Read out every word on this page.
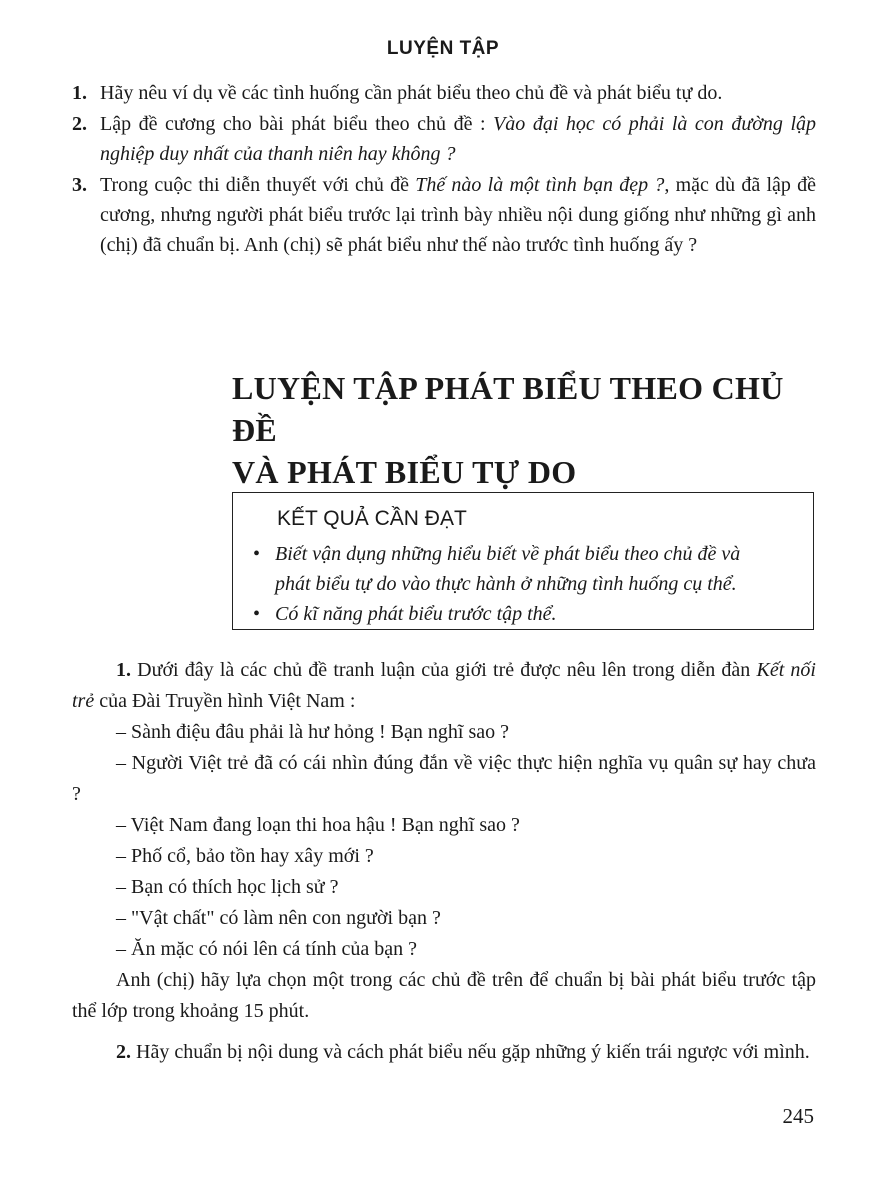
LUYỆN TẬP
1. Hãy nêu ví dụ về các tình huống cần phát biểu theo chủ đề và phát biểu tự do.
2. Lập đề cương cho bài phát biểu theo chủ đề : Vào đại học có phải là con đường lập nghiệp duy nhất của thanh niên hay không ?
3. Trong cuộc thi diễn thuyết với chủ đề Thế nào là một tình bạn đẹp ?, mặc dù đã lập đề cương, nhưng người phát biểu trước lại trình bày nhiều nội dung giống như những gì anh (chị) đã chuẩn bị. Anh (chị) sẽ phát biểu như thế nào trước tình huống ấy ?
LUYỆN TẬP PHÁT BIỂU THEO CHỦ ĐỀ
VÀ PHÁT BIỂU TỰ DO
KẾT QUẢ CẦN ĐẠT
• Biết vận dụng những hiểu biết về phát biểu theo chủ đề và
phát biểu tự do vào thực hành ở những tình huống cụ thể.
• Có kĩ năng phát biểu trước tập thể.

1. Dưới đây là các chủ đề tranh luận của giới trẻ được nêu lên trong diễn đàn Kết nối trẻ của Đài Truyền hình Việt Nam :

– Sành điệu đâu phải là hư hỏng ! Bạn nghĩ sao ?

– Người Việt trẻ đã có cái nhìn đúng đắn về việc thực hiện nghĩa vụ quân sự hay chưa ?

– Việt Nam đang loạn thi hoa hậu ! Bạn nghĩ sao ?

– Phố cổ, bảo tồn hay xây mới ?

– Bạn có thích học lịch sử ?

– "Vật chất" có làm nên con người bạn ?

– Ăn mặc có nói lên cá tính của bạn ?

Anh (chị) hãy lựa chọn một trong các chủ đề trên để chuẩn bị bài phát biểu trước tập thể lớp trong khoảng 15 phút.

2. Hãy chuẩn bị nội dung và cách phát biểu nếu gặp những ý kiến trái ngược với mình.

245
